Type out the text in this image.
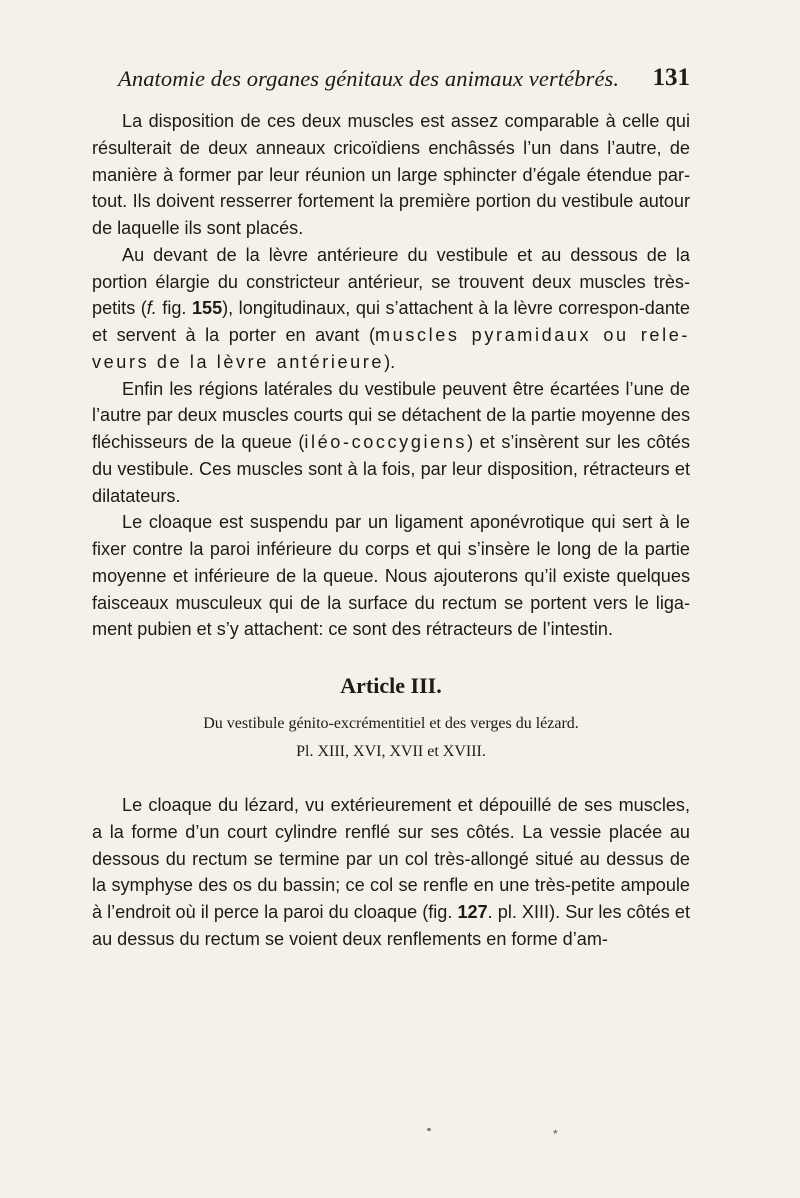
Anatomie des organes génitaux des animaux vertébrés. 131

La disposition de ces deux muscles est assez comparable à celle qui résulterait de deux anneaux cricoïdiens enchâssés l’un dans l’autre, de manière à former par leur réunion un large sphincter d’égale étendue par-tout. Ils doivent resserrer fortement la première portion du vestibule autour de laquelle ils sont placés.

Au devant de la lèvre antérieure du vestibule et au dessous de la portion élargie du constricteur antérieur, se trouvent deux muscles très-petits (f. fig. 155), longitudinaux, qui s’attachent à la lèvre correspon-dante et servent à la porter en avant (muscles pyramidaux ou rele-veurs de la lèvre antérieure).

Enfin les régions latérales du vestibule peuvent être écartées l’une de l’autre par deux muscles courts qui se détachent de la partie moyenne des fléchisseurs de la queue (iléo-coccygiens) et s’insèrent sur les côtés du vestibule. Ces muscles sont à la fois, par leur disposition, rétracteurs et dilatateurs.

Le cloaque est suspendu par un ligament aponévrotique qui sert à le fixer contre la paroi inférieure du corps et qui s’insère le long de la partie moyenne et inférieure de la queue. Nous ajouterons qu’il existe quelques faisceaux musculeux qui de la surface du rectum se portent vers le liga-ment pubien et s’y attachent: ce sont des rétracteurs de l’intestin.

Article III.
Du vestibule génito-excrémentitiel et des verges du lézard.
Pl. XIII, XVI, XVII et XVIII.

Le cloaque du lézard, vu extérieurement et dépouillé de ses muscles, a la forme d’un court cylindre renflé sur ses côtés. La vessie placée au dessous du rectum se termine par un col très-allongé situé au dessus de la symphyse des os du bassin; ce col se renfle en une très-petite ampoule à l’endroit où il perce la paroi du cloaque (fig. 127. pl. XIII). Sur les côtés et au dessus du rectum se voient deux renflements en forme d’am-

*
